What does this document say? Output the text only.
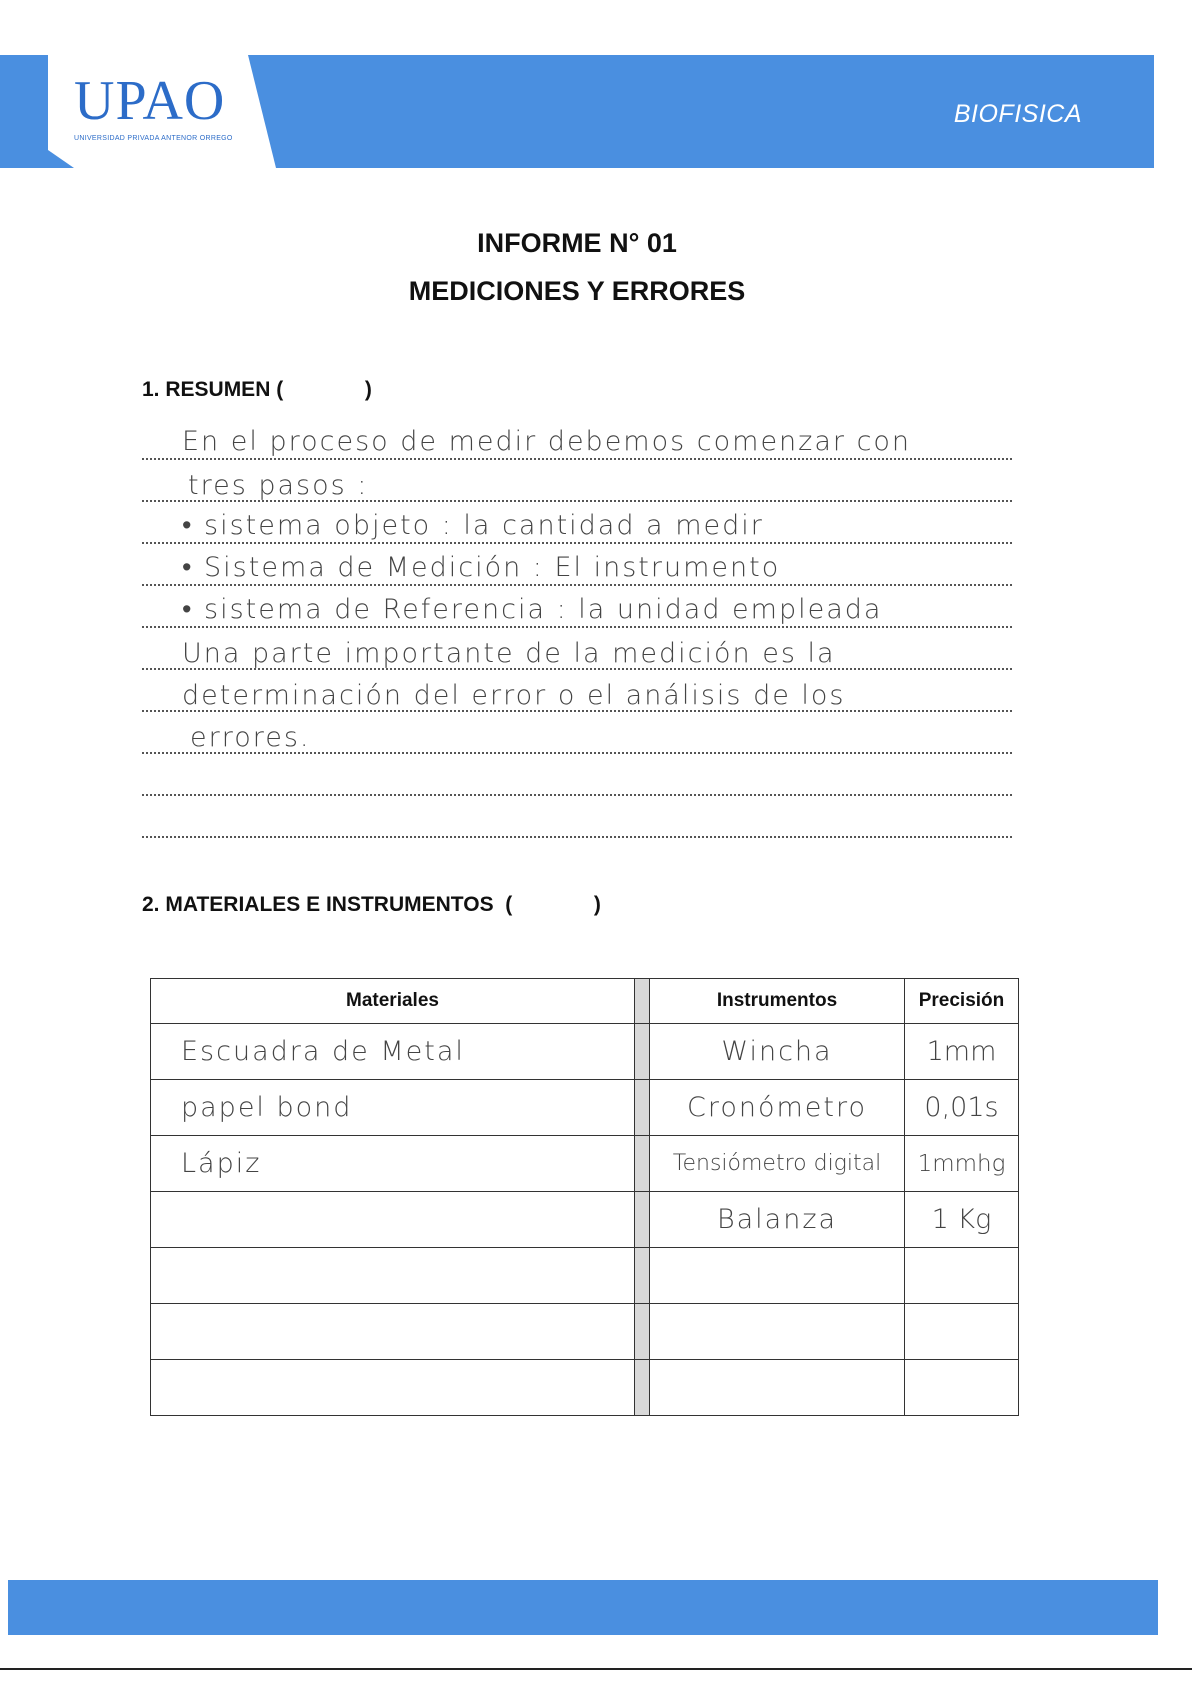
UPAO
UNIVERSIDAD PRIVADA ANTENOR ORREGO
BIOFISICA
INFORME N° 01
MEDICIONES Y ERRORES
1. RESUMEN (              )
En el proceso de medir debemos comenzar con
tres pasos :
• sistema objeto : la cantidad a medir
• Sistema de Medición : El instrumento
• sistema de Referencia : la unidad empleada
Una parte importante de la medición es la
determinación del error o el análisis de los
errores.
2. MATERIALES E INSTRUMENTOS  (              )
Materiales		Instrumentos	Precisión
Escuadra de Metal		Wincha	1mm
papel bond		Cronómetro	0,01s
Lápiz		Tensiómetro digital	1mmhg
		Balanza	1 Kg
